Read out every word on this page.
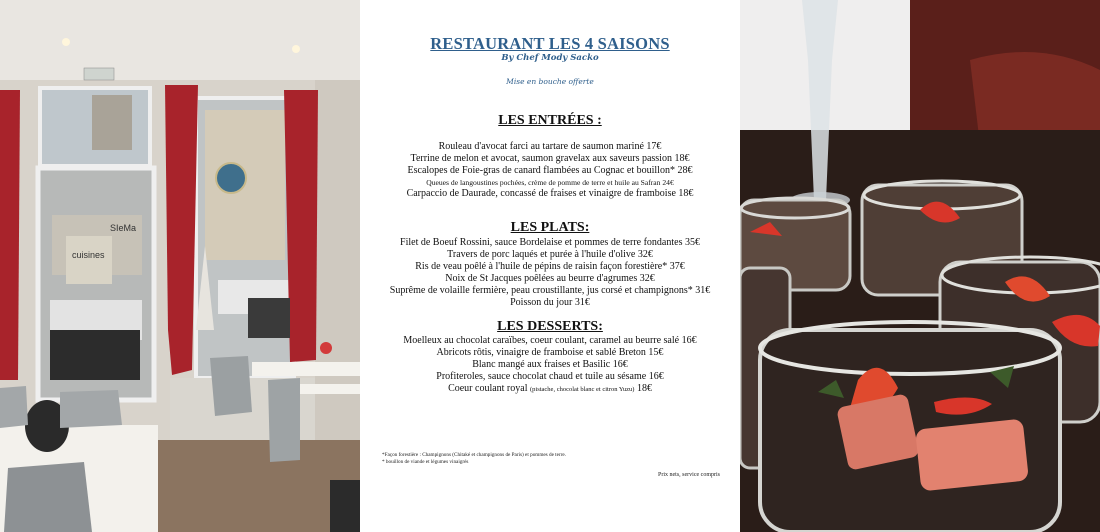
cuisines
SIeMa
RESTAURANT LES 4 SAISONS
By Chef Mody Sacko
Mise en bouche offerte
LES ENTRÉES :
Rouleau d'avocat farci au tartare de saumon mariné 17€
Terrine de melon et avocat, saumon gravelax aux saveurs passion 18€
Escalopes de Foie-gras de canard flambées au Cognac et bouillon* 28€
Queues de langoustines pochées, crème de pomme de terre et huile au Safran 24€
Carpaccio de Daurade, concassé de fraises et vinaigre de framboise 18€
LES PLATS:
Filet de Boeuf Rossini, sauce Bordelaise et pommes de terre fondantes 35€
Travers de porc laqués et purée à l'huile d'olive 32€
Ris de veau poêlé à l'huile de pépins de raisin façon forestière* 37€
Noix de St Jacques poêlées au beurre d'agrumes 32€
Suprême de volaille fermière, peau croustillante, jus corsé et champignons* 31€
Poisson du jour 31€
LES DESSERTS:
Moelleux au chocolat caraïbes, coeur coulant, caramel au beurre salé 16€
Abricots rôtis, vinaigre de framboise et sablé Breton 15€
Blanc mangé aux fraises et Basilic 16€
Profiteroles, sauce chocolat chaud et tuile au sésame 16€
Coeur coulant royal (pistache, chocolat blanc et citron Yuzu) 18€
*Façon forestière : Champignons (Chitaké et champignons de Paris) et pommes de terre.
* bouillon de viande et légumes vinaigrés
Prix nets, service compris
